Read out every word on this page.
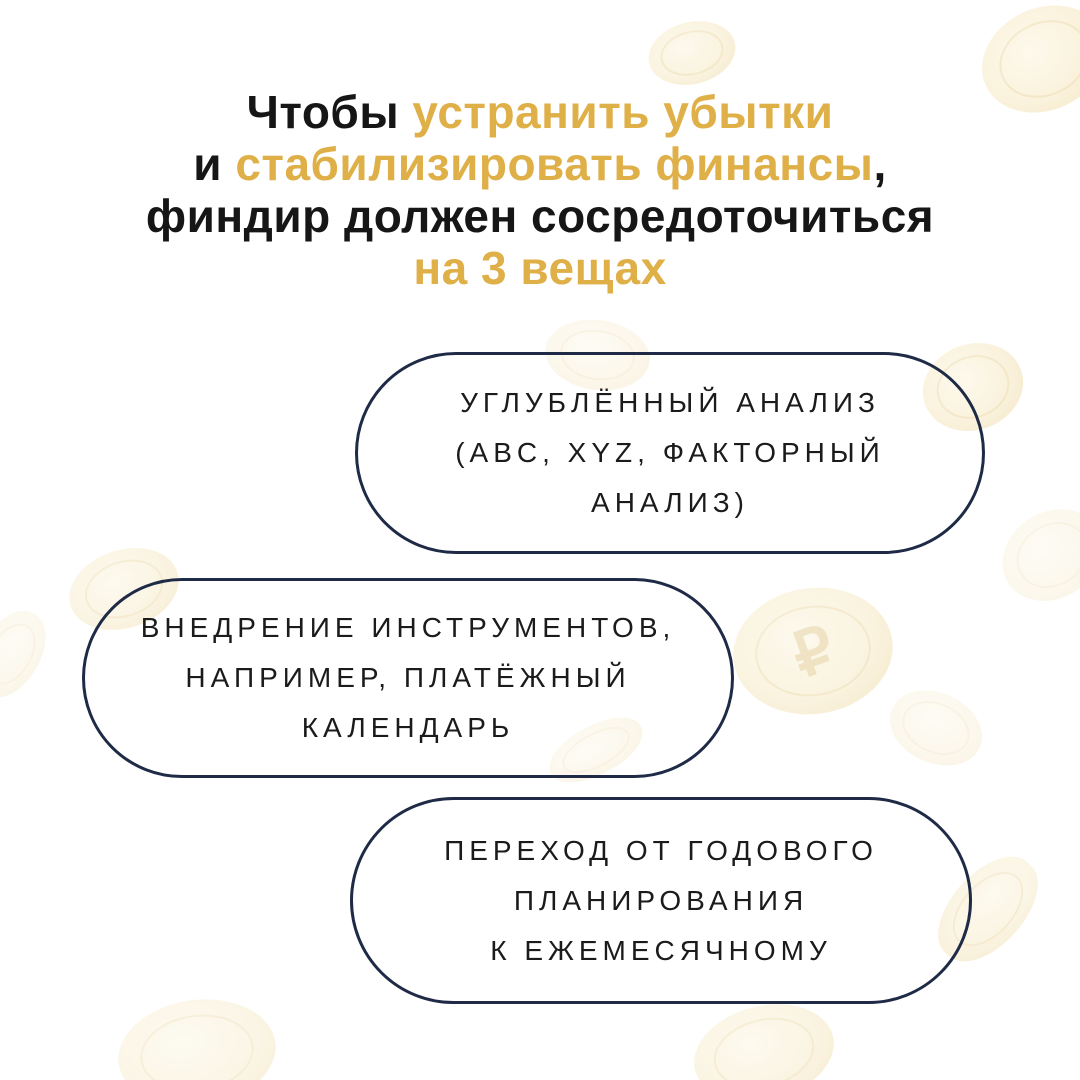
₽
Чтобы устранить убытки
и стабилизировать финансы,
финдир должен сосредоточиться
на 3 вещах
УГЛУБЛЁННЫЙ АНАЛИЗ
(ABC, XYZ, ФАКТОРНЫЙ
АНАЛИЗ)
ВНЕДРЕНИЕ ИНСТРУМЕНТОВ,
НАПРИМЕР, ПЛАТЁЖНЫЙ
КАЛЕНДАРЬ
ПЕРЕХОД ОТ ГОДОВОГО
ПЛАНИРОВАНИЯ
К ЕЖЕМЕСЯЧНОМУ
